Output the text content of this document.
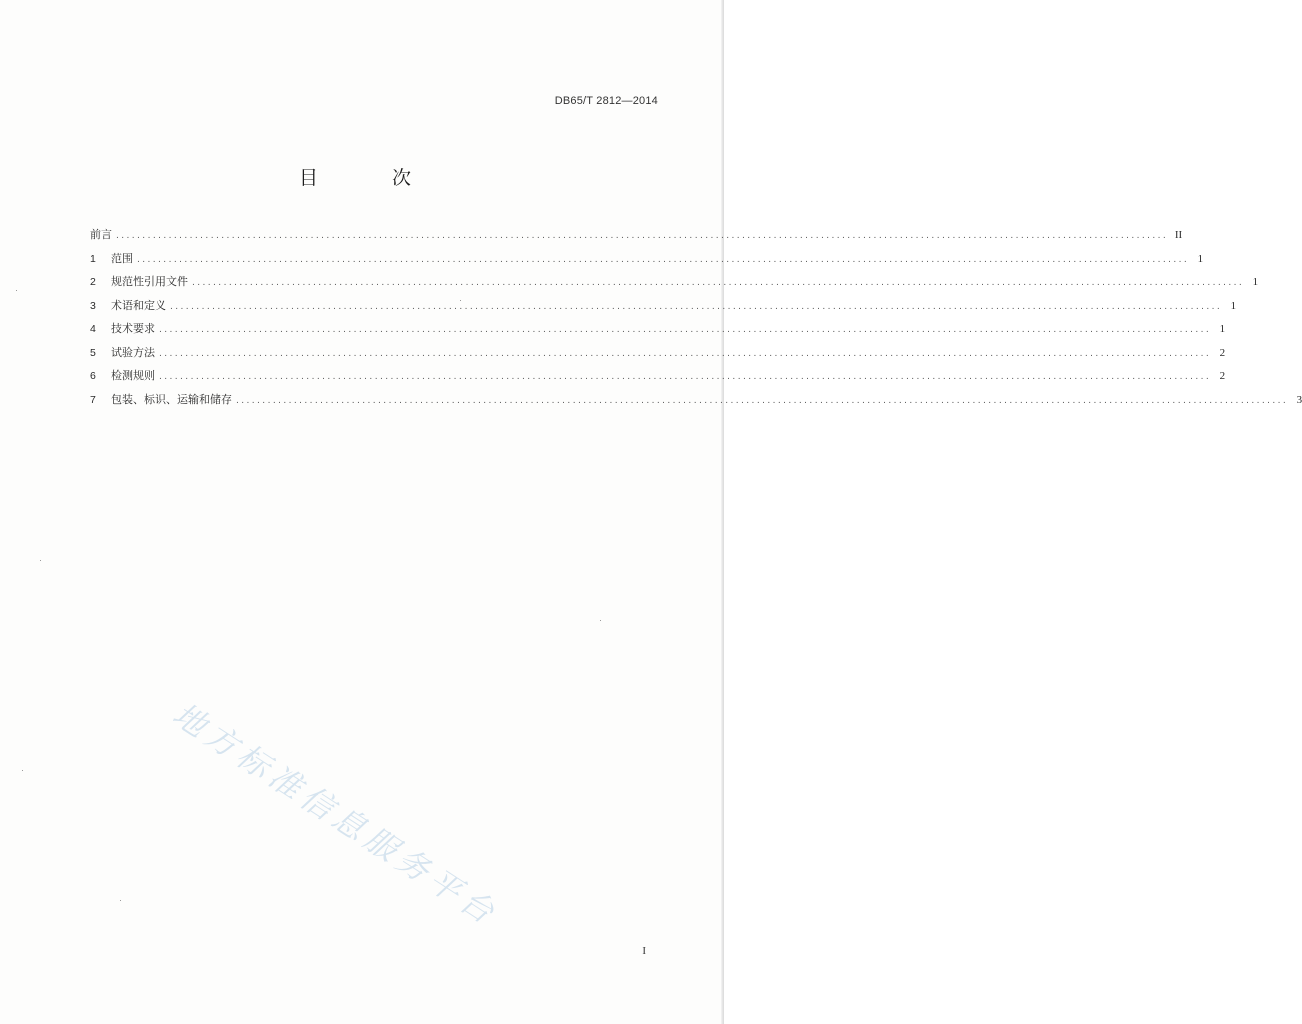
DB65/T 2812—2014
目 次
前言 ........................................................................................................................................................................................................ II
1	范围 ........................................................................................................................................................................................................ 1
2	规范性引用文件 ........................................................................................................................................................................................................ 1
3	术语和定义 ........................................................................................................................................................................................................ 1
4	技术要求 ........................................................................................................................................................................................................ 1
5	试验方法 ........................................................................................................................................................................................................ 2
6	检测规则 ........................................................................................................................................................................................................ 2
7	包装、标识、运输和储存 ........................................................................................................................................................................................................ 3
地方标准信息服务平台
I
